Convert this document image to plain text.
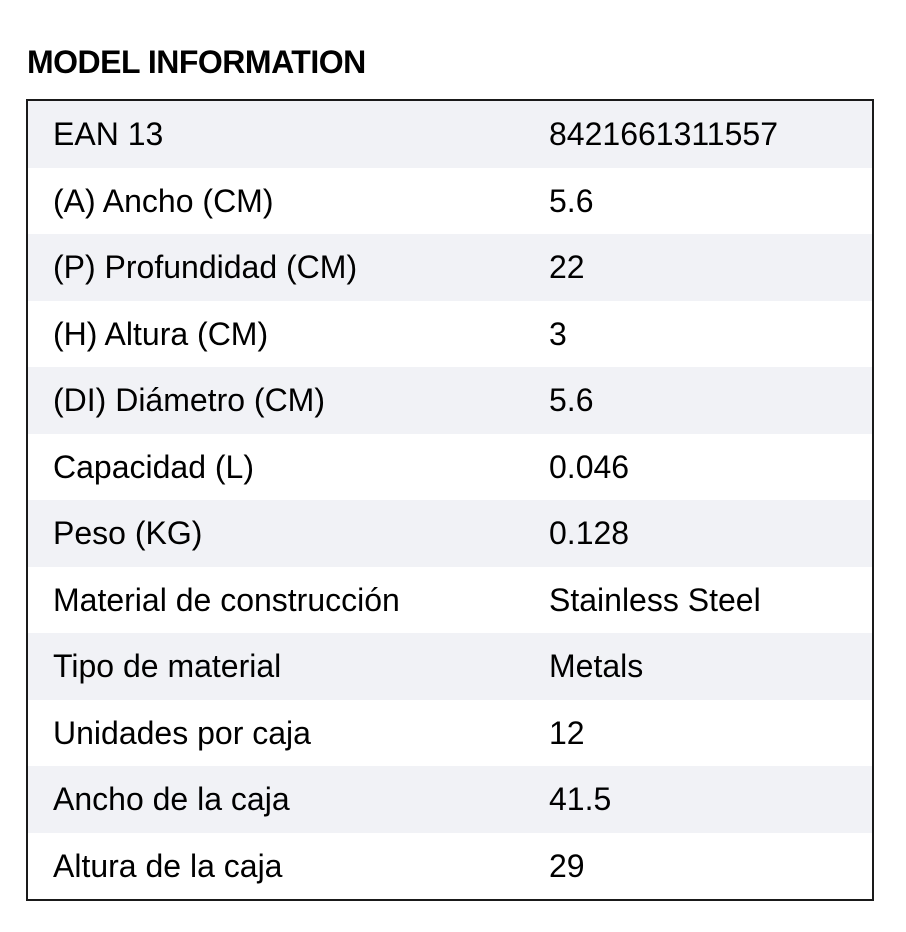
MODEL INFORMATION
EAN 13	8421661311557
(A) Ancho (CM)	5.6
(P) Profundidad (CM)	22
(H) Altura (CM)	3
(DI) Diámetro (CM)	5.6
Capacidad (L)	0.046
Peso (KG)	0.128
Material de construcción	Stainless Steel
Tipo de material	Metals
Unidades por caja	12
Ancho de la caja	41.5
Altura de la caja	29
